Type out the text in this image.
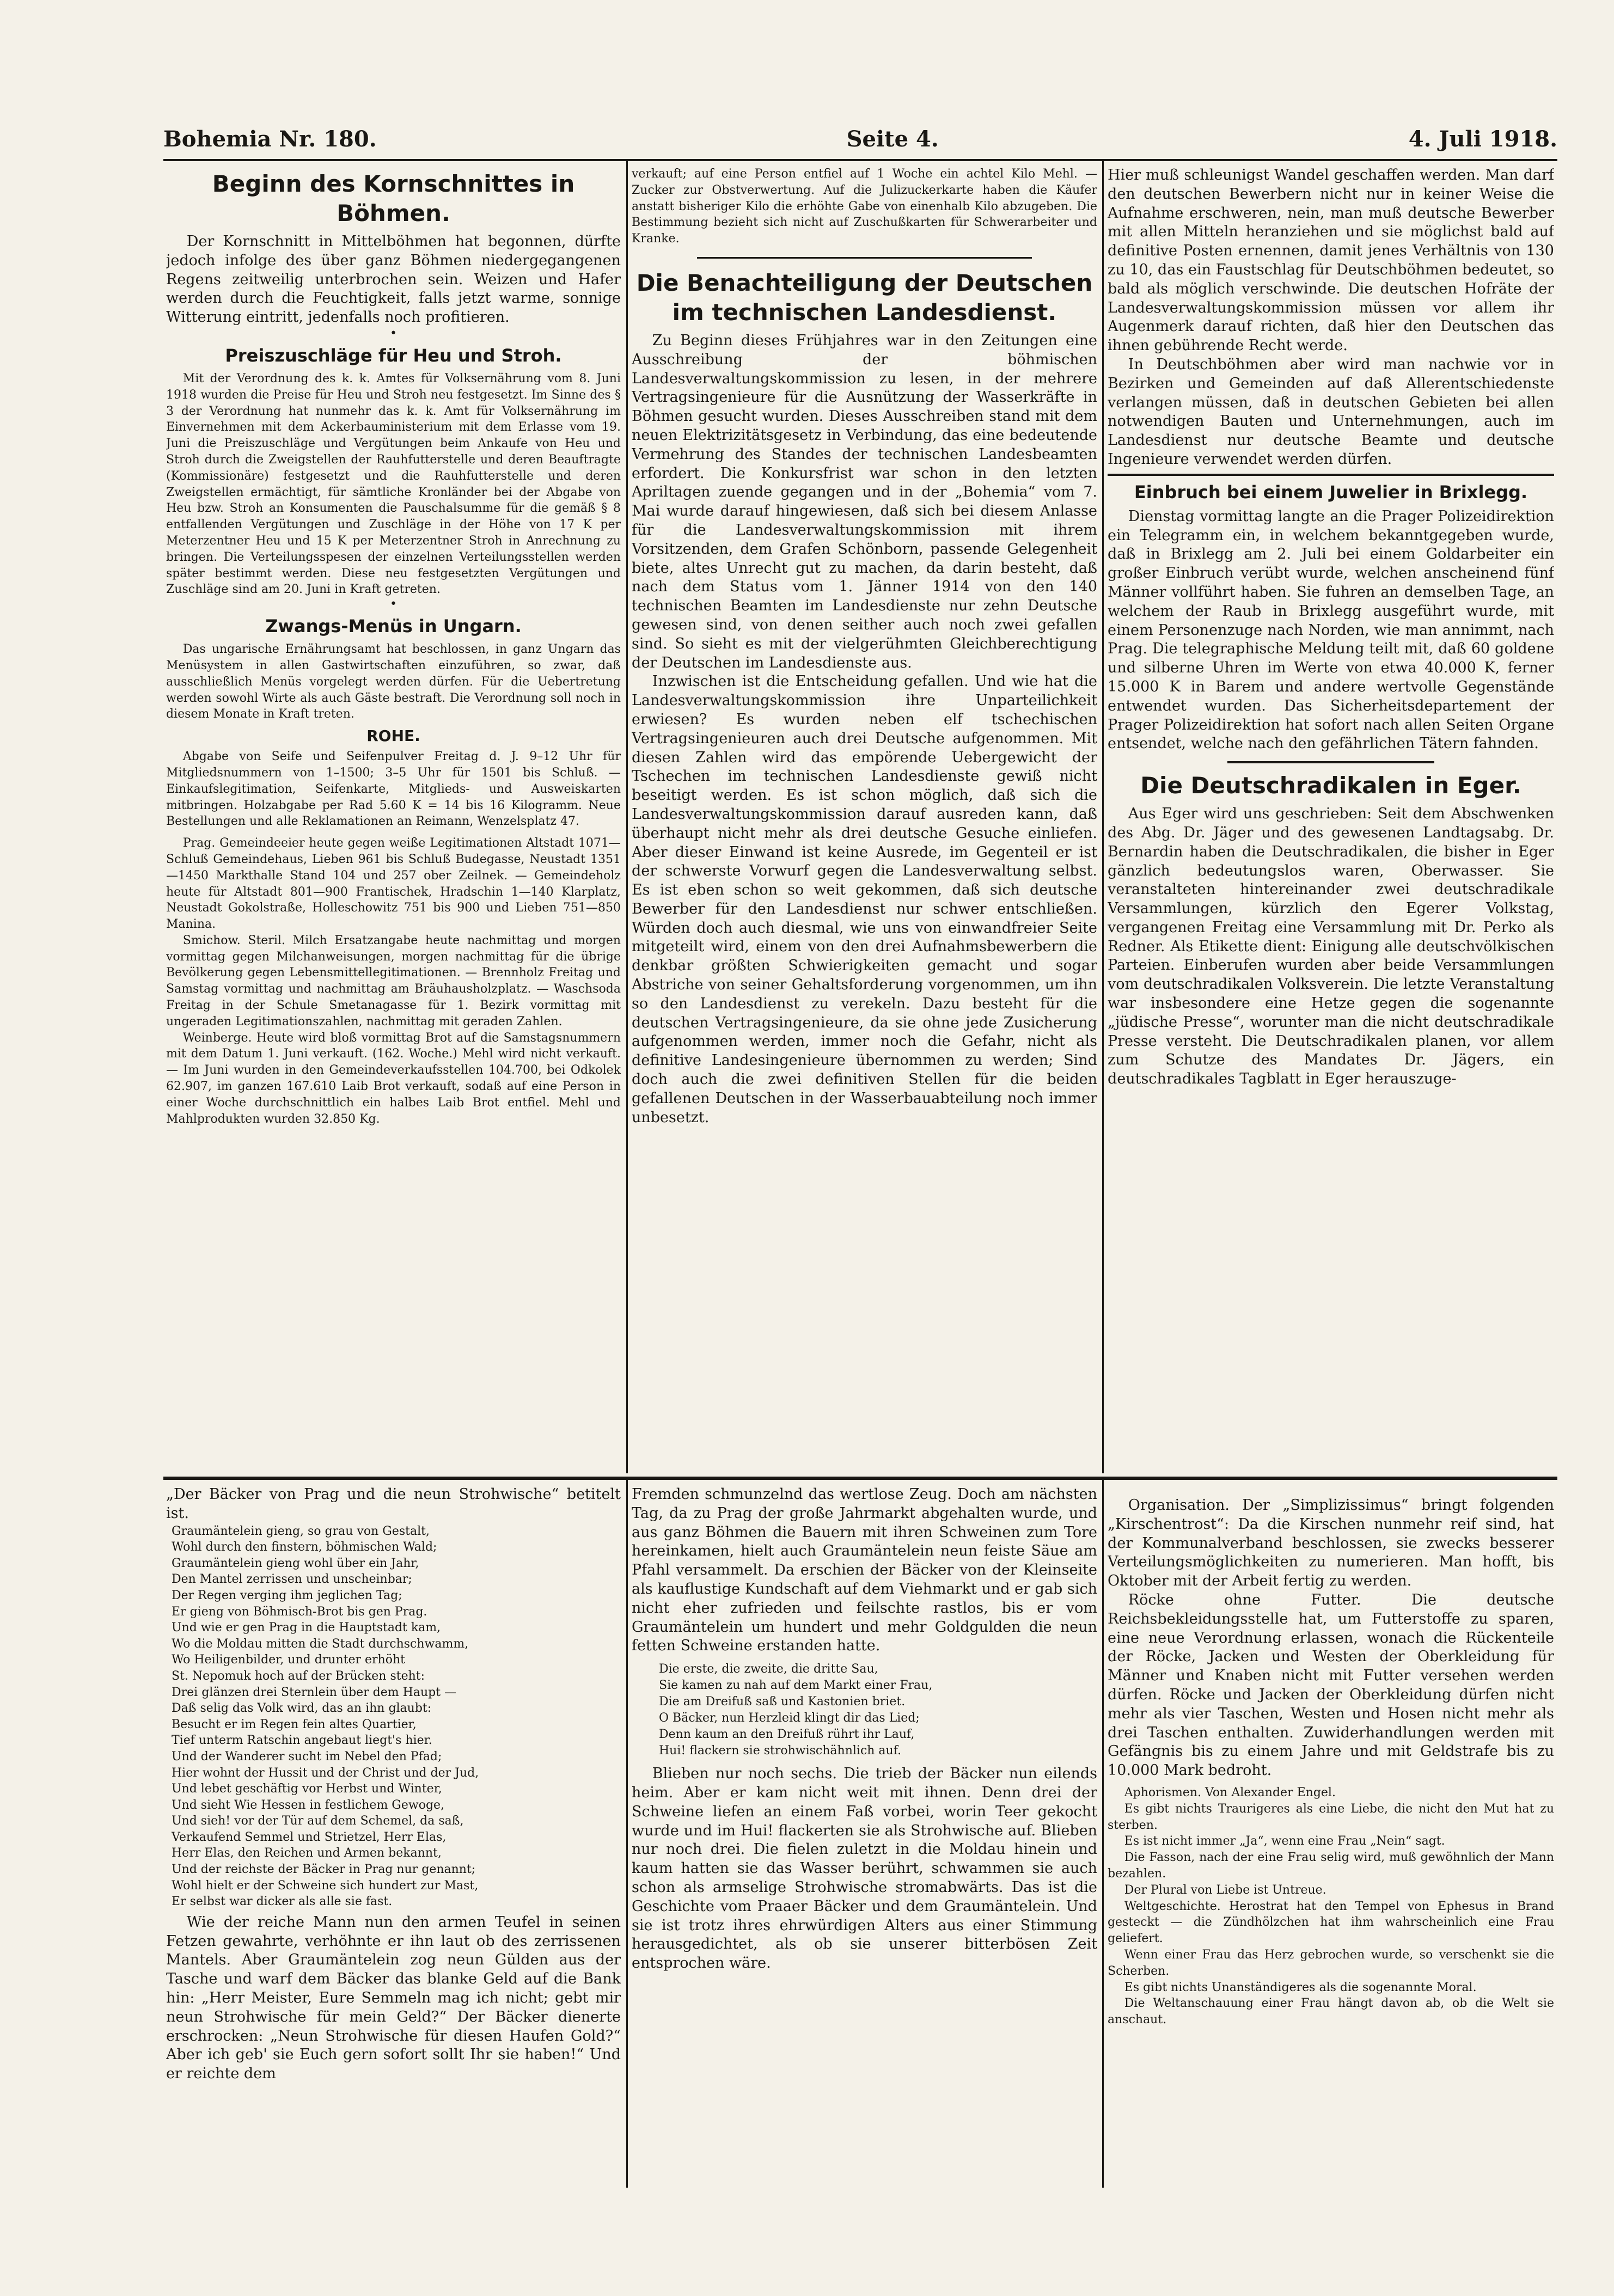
Bohemia Nr. 180.	Seite 4.	4. Juli 1918.
Beginn des Kornschnittes in Böhmen.

Der Kornschnitt in Mittelböhmen hat begonnen, dürfte jedoch infolge des über ganz Böhmen niedergegangenen Regens zeitweilig unterbrochen sein. Weizen und Hafer werden durch die Feuchtigkeit, falls jetzt warme, sonnige Witterung eintritt, jedenfalls noch profitieren.

•
Preiszuschläge für Heu und Stroh.

Mit der Verordnung des k. k. Amtes für Volksernährung vom 8. Juni 1918 wurden die Preise für Heu und Stroh neu festgesetzt. Im Sinne des § 3 der Verordnung hat nunmehr das k. k. Amt für Volksernährung im Einvernehmen mit dem Ackerbauministerium mit dem Erlasse vom 19. Juni die Preiszuschläge und Vergütungen beim Ankaufe von Heu und Stroh durch die Zweigstellen der Rauhfutterstelle und deren Beauftragte (Kommissionäre) festgesetzt und die Rauhfutterstelle und deren Zweigstellen ermächtigt, für sämtliche Kronländer bei der Abgabe von Heu bzw. Stroh an Konsumenten die Pauschalsumme für die gemäß § 8 entfallenden Vergütungen und Zuschläge in der Höhe von 17 K per Meterzentner Heu und 15 K per Meterzentner Stroh in Anrechnung zu bringen. Die Verteilungsspesen der einzelnen Verteilungsstellen werden später bestimmt werden. Diese neu festgesetzten Vergütungen und Zuschläge sind am 20. Juni in Kraft getreten.

•
Zwangs-Menüs in Ungarn.

Das ungarische Ernährungsamt hat beschlossen, in ganz Ungarn das Menüsystem in allen Gastwirtschaften einzuführen, so zwar, daß ausschließlich Menüs vorgelegt werden dürfen. Für die Uebertretung werden sowohl Wirte als auch Gäste bestraft. Die Verordnung soll noch in diesem Monate in Kraft treten.

ROHE.

Abgabe von Seife und Seifenpulver Freitag d. J. 9–12 Uhr für Mitgliedsnummern von 1–1500; 3–5 Uhr für 1501 bis Schluß. — Einkaufslegitimation, Seifenkarte, Mitglieds- und Ausweiskarten mitbringen. Holzabgabe per Rad 5.60 K = 14 bis 16 Kilogramm. Neue Bestellungen und alle Reklamationen an Reimann, Wenzelsplatz 47.

Prag. Gemeindeeier heute gegen weiße Legitimationen Altstadt 1071—Schluß Gemeindehaus, Lieben 961 bis Schluß Budegasse, Neustadt 1351—1450 Markthalle Stand 104 und 257 ober Zeilnek. — Gemeindeholz heute für Altstadt 801—900 Frantischek, Hradschin 1—140 Klarplatz, Neustadt Gokolstraße, Holleschowitz 751 bis 900 und Lieben 751—850 Manina.

Smichow. Steril. Milch Ersatzangabe heute nachmittag und morgen vormittag gegen Milchanweisungen, morgen nachmittag für die übrige Bevölkerung gegen Lebensmittellegitimationen. — Brennholz Freitag und Samstag vormittag und nachmittag am Bräuhausholzplatz. — Waschsoda Freitag in der Schule Smetanagasse für 1. Bezirk vormittag mit ungeraden Legitimationszahlen, nachmittag mit geraden Zahlen.

Weinberge. Heute wird bloß vormittag Brot auf die Samstagsnummern mit dem Datum 1. Juni verkauft. (162. Woche.) Mehl wird nicht verkauft. — Im Juni wurden in den Gemeindeverkaufsstellen 104.700, bei Odkolek 62.907, im ganzen 167.610 Laib Brot verkauft, sodaß auf eine Person in einer Woche durchschnittlich ein halbes Laib Brot entfiel. Mehl und Mahlprodukten wurden 32.850 Kg.

verkauft; auf eine Person entfiel auf 1 Woche ein achtel Kilo Mehl. — Zucker zur Obstverwertung. Auf die Julizuckerkarte haben die Käufer anstatt bisheriger Kilo die erhöhte Gabe von einenhalb Kilo abzugeben. Die Bestimmung bezieht sich nicht auf Zuschußkarten für Schwerarbeiter und Kranke.

Die Benachteiligung der Deutschen im technischen Landesdienst.

Zu Beginn dieses Frühjahres war in den Zeitungen eine Ausschreibung der böhmischen Landesverwaltungskommission zu lesen, in der mehrere Vertragsingenieure für die Ausnützung der Wasserkräfte in Böhmen gesucht wurden. Dieses Ausschreiben stand mit dem neuen Elektrizitätsgesetz in Verbindung, das eine bedeutende Vermehrung des Standes der technischen Landesbeamten erfordert. Die Konkursfrist war schon in den letzten Apriltagen zuende gegangen und in der „Bohemia“ vom 7. Mai wurde darauf hingewiesen, daß sich bei diesem Anlasse für die Landesverwaltungskommission mit ihrem Vorsitzenden, dem Grafen Schönborn, passende Gelegenheit biete, altes Unrecht gut zu machen, da darin besteht, daß nach dem Status vom 1. Jänner 1914 von den 140 technischen Beamten im Landesdienste nur zehn Deutsche gewesen sind, von denen seither auch noch zwei gefallen sind. So sieht es mit der vielgerühmten Gleichberechtigung der Deutschen im Landesdienste aus.

Inzwischen ist die Entscheidung gefallen. Und wie hat die Landesverwaltungskommission ihre Unparteilichkeit erwiesen? Es wurden neben elf tschechischen Vertragsingenieuren auch drei Deutsche aufgenommen. Mit diesen Zahlen wird das empörende Uebergewicht der Tschechen im technischen Landesdienste gewiß nicht beseitigt werden. Es ist schon möglich, daß sich die Landesverwaltungskommission darauf ausreden kann, daß überhaupt nicht mehr als drei deutsche Gesuche einliefen. Aber dieser Einwand ist keine Ausrede, im Gegenteil er ist der schwerste Vorwurf gegen die Landesverwaltung selbst. Es ist eben schon so weit gekommen, daß sich deutsche Bewerber für den Landesdienst nur schwer entschließen. Würden doch auch diesmal, wie uns von einwandfreier Seite mitgeteilt wird, einem von den drei Aufnahmsbewerbern die denkbar größten Schwierigkeiten gemacht und sogar Abstriche von seiner Gehaltsforderung vorgenommen, um ihn so den Landesdienst zu verekeln. Dazu besteht für die deutschen Vertragsingenieure, da sie ohne jede Zusicherung aufgenommen werden, immer noch die Gefahr, nicht als definitive Landesingenieure übernommen zu werden; Sind doch auch die zwei definitiven Stellen für die beiden gefallenen Deutschen in der Wasserbauabteilung noch immer unbesetzt.

Hier muß schleunigst Wandel geschaffen werden. Man darf den deutschen Bewerbern nicht nur in keiner Weise die Aufnahme erschweren, nein, man muß deutsche Bewerber mit allen Mitteln heranziehen und sie möglichst bald auf definitive Posten ernennen, damit jenes Verhältnis von 130 zu 10, das ein Faustschlag für Deutschböhmen bedeutet, so bald als möglich verschwinde. Die deutschen Hofräte der Landesverwaltungskommission müssen vor allem ihr Augenmerk darauf richten, daß hier den Deutschen das ihnen gebührende Recht werde.

In Deutschböhmen aber wird man nachwie vor in Bezirken und Gemeinden auf daß Allerentschiedenste verlangen müssen, daß in deutschen Gebieten bei allen notwendigen Bauten und Unternehmungen, auch im Landesdienst nur deutsche Beamte und deutsche Ingenieure verwendet werden dürfen.

Einbruch bei einem Juwelier in Brixlegg.

Dienstag vormittag langte an die Prager Polizeidirektion ein Telegramm ein, in welchem bekanntgegeben wurde, daß in Brixlegg am 2. Juli bei einem Goldarbeiter ein großer Einbruch verübt wurde, welchen anscheinend fünf Männer vollführt haben. Sie fuhren an demselben Tage, an welchem der Raub in Brixlegg ausgeführt wurde, mit einem Personenzuge nach Norden, wie man annimmt, nach Prag. Die telegraphische Meldung teilt mit, daß 60 goldene und silberne Uhren im Werte von etwa 40.000 K, ferner 15.000 K in Barem und andere wertvolle Gegenstände entwendet wurden. Das Sicherheitsdepartement der Prager Polizeidirektion hat sofort nach allen Seiten Organe entsendet, welche nach den gefährlichen Tätern fahnden.

Die Deutschradikalen in Eger.

Aus Eger wird uns geschrieben: Seit dem Abschwenken des Abg. Dr. Jäger und des gewesenen Landtagsabg. Dr. Bernardin haben die Deutschradikalen, die bisher in Eger gänzlich bedeutungslos waren, Oberwasser. Sie veranstalteten hintereinander zwei deutschradikale Versammlungen, kürzlich den Egerer Volkstag, vergangenen Freitag eine Versammlung mit Dr. Perko als Redner. Als Etikette dient: Einigung alle deutschvölkischen Parteien. Einberufen wurden aber beide Versammlungen vom deutschradikalen Volksverein. Die letzte Veranstaltung war insbesondere eine Hetze gegen die sogenannte „jüdische Presse“, worunter man die nicht deutschradikale Presse versteht. Die Deutschradikalen planen, vor allem zum Schutze des Mandates Dr. Jägers, ein deutschradikales Tagblatt in Eger herauszuge-

„Der Bäcker von Prag und die neun Strohwische“ betitelt ist.

Graumäntelein gieng, so grau von Gestalt,
Wohl durch den finstern, böhmischen Wald;
Graumäntelein gieng wohl über ein Jahr,
Den Mantel zerrissen und unscheinbar;
Der Regen verging ihm jeglichen Tag;
Er gieng von Böhmisch-Brot bis gen Prag.
Und wie er gen Prag in die Hauptstadt kam,
Wo die Moldau mitten die Stadt durchschwamm,
Wo Heiligenbilder, und drunter erhöht
St. Nepomuk hoch auf der Brücken steht:
Drei glänzen drei Sternlein über dem Haupt —
Daß selig das Volk wird, das an ihn glaubt:
Besucht er im Regen fein altes Quartier,
Tief unterm Ratschin angebaut liegt's hier.
Und der Wanderer sucht im Nebel den Pfad;
Hier wohnt der Hussit und der Christ und der Jud,
Und lebet geschäftig vor Herbst und Winter,
Und sieht Wie Hessen in festlichem Gewoge,
Und sieh! vor der Tür auf dem Schemel, da saß,
Verkaufend Semmel und Strietzel, Herr Elas,
Herr Elas, den Reichen und Armen bekannt,
Und der reichste der Bäcker in Prag nur genannt;
Wohl hielt er der Schweine sich hundert zur Mast,
Er selbst war dicker als alle sie fast.

Wie der reiche Mann nun den armen Teufel in seinen Fetzen gewahrte, verhöhnte er ihn laut ob des zerrissenen Mantels. Aber Graumäntelein zog neun Gülden aus der Tasche und warf dem Bäcker das blanke Geld auf die Bank hin: „Herr Meister, Eure Semmeln mag ich nicht; gebt mir neun Strohwische für mein Geld?“ Der Bäcker dienerte erschrocken: „Neun Strohwische für diesen Haufen Gold?“ Aber ich geb' sie Euch gern sofort sollt Ihr sie haben!“ Und er reichte dem

Fremden schmunzelnd das wertlose Zeug. Doch am nächsten Tag, da zu Prag der große Jahrmarkt abgehalten wurde, und aus ganz Böhmen die Bauern mit ihren Schweinen zum Tore hereinkamen, hielt auch Graumäntelein neun feiste Säue am Pfahl versammelt. Da erschien der Bäcker von der Kleinseite als kauflustige Kundschaft auf dem Viehmarkt und er gab sich nicht eher zufrieden und feilschte rastlos, bis er vom Graumäntelein um hundert und mehr Goldgulden die neun fetten Schweine erstanden hatte.

Die erste, die zweite, die dritte Sau,
Sie kamen zu nah auf dem Markt einer Frau,
Die am Dreifuß saß und Kastonien briet.
O Bäcker, nun Herzleid klingt dir das Lied;
Denn kaum an den Dreifuß rührt ihr Lauf,
Hui! flackern sie strohwischähnlich auf.

Blieben nur noch sechs. Die trieb der Bäcker nun eilends heim. Aber er kam nicht weit mit ihnen. Denn drei der Schweine liefen an einem Faß vorbei, worin Teer gekocht wurde und im Hui! flackerten sie als Strohwische auf. Blieben nur noch drei. Die fielen zuletzt in die Moldau hinein und kaum hatten sie das Wasser berührt, schwammen sie auch schon als armselige Strohwische stromabwärts. Das ist die Geschichte vom Praaer Bäcker und dem Graumäntelein. Und sie ist trotz ihres ehrwürdigen Alters aus einer Stimmung herausgedichtet, als ob sie unserer bitterbösen Zeit entsprochen wäre.

Organisation. Der „Simplizissimus“ bringt folgenden „Kirschentrost“: Da die Kirschen nunmehr reif sind, hat der Kommunalverband beschlossen, sie zwecks besserer Verteilungsmöglichkeiten zu numerieren. Man hofft, bis Oktober mit der Arbeit fertig zu werden.

Röcke ohne Futter. Die deutsche Reichsbekleidungsstelle hat, um Futterstoffe zu sparen, eine neue Verordnung erlassen, wonach die Rückenteile der Röcke, Jacken und Westen der Oberkleidung für Männer und Knaben nicht mit Futter versehen werden dürfen. Röcke und Jacken der Oberkleidung dürfen nicht mehr als vier Taschen, Westen und Hosen nicht mehr als drei Taschen enthalten. Zuwiderhandlungen werden mit Gefängnis bis zu einem Jahre und mit Geldstrafe bis zu 10.000 Mark bedroht.

Aphorismen. Von Alexander Engel.

Es gibt nichts Traurigeres als eine Liebe, die nicht den Mut hat zu sterben.

Es ist nicht immer „Ja“, wenn eine Frau „Nein“ sagt.

Die Fasson, nach der eine Frau selig wird, muß gewöhnlich der Mann bezahlen.

Der Plural von Liebe ist Untreue.

Weltgeschichte. Herostrat hat den Tempel von Ephesus in Brand gesteckt — die Zündhölzchen hat ihm wahrscheinlich eine Frau geliefert.

Wenn einer Frau das Herz gebrochen wurde, so verschenkt sie die Scherben.

Es gibt nichts Unanständigeres als die sogenannte Moral.

Die Weltanschauung einer Frau hängt davon ab, ob die Welt sie anschaut.
